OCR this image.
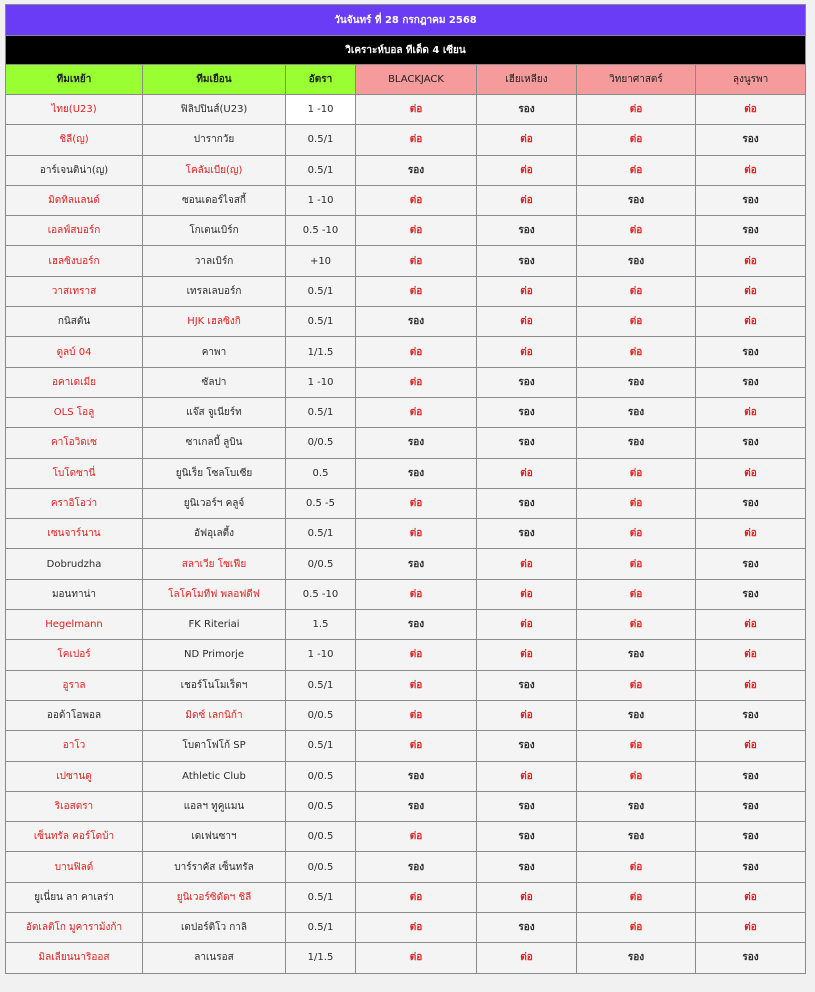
วันจันทร์ ที่ 28 กรกฎาคม 2568						
วิเคราะห์บอล ทีเด็ด 4 เซียน						
ทีมเหย้า	ทีมเยือน	อัตรา	BLACKJACK	เฮียเหลียง	วิทยาศาสตร์	ลุงนูรพา
ไทย(U23)	ฟิลิปปินส์(U23)	1 -10	ต่อ	รอง	ต่อ	ต่อ
ชิลี(ญ)	ปารากวัย	0.5/1	ต่อ	ต่อ	ต่อ	รอง
อาร์เจนติน่า(ญ)	โคลัมเบีย(ญ)	0.5/1	รอง	ต่อ	ต่อ	ต่อ
มิดทิลแลนด์	ซอนเดอร์ไจสกี้	1 -10	ต่อ	ต่อ	รอง	รอง
เอลฟ์สบอร์ก	โกเตนเบิร์ก	0.5 -10	ต่อ	รอง	ต่อ	รอง
เฮลซิงบอร์ก	วาลเบิร์ก	+10	ต่อ	รอง	รอง	ต่อ
วาสเทราส	เทรลเลบอร์ก	0.5/1	ต่อ	ต่อ	ต่อ	ต่อ
กนิสตัน	HJK เฮลซิงกิ	0.5/1	รอง	ต่อ	ต่อ	ต่อ
ดูลบ์ 04	คาพา	1/1.5	ต่อ	ต่อ	ต่อ	รอง
อคาเดเมีย	ซัลปา	1 -10	ต่อ	รอง	รอง	รอง
OLS โอลู	แจ๊ส จูเนียร์ท	0.5/1	ต่อ	รอง	รอง	ต่อ
คาโอวิดเซ	ซาเกลบี้ ลูบิน	0/0.5	รอง	รอง	รอง	รอง
โบโดซานี่	ยูนิเร็ย โซลโบเซีย	0.5	รอง	ต่อ	ต่อ	ต่อ
คราอิโอว่า	ยูนิเวอร์ฯ คลูจ์	0.5 -5	ต่อ	รอง	ต่อ	รอง
เซนจาร์นาน	อัฟอุเลตี้ง	0.5/1	ต่อ	รอง	ต่อ	ต่อ
Dobrudzha	สลาเวีย โซเฟีย	0/0.5	รอง	ต่อ	ต่อ	รอง
มอนทาน่า	โลโคโมทีฟ พลอฟดีฟ	0.5 -10	ต่อ	ต่อ	ต่อ	รอง
Hegelmann	FK Riteriai	1.5	รอง	ต่อ	ต่อ	ต่อ
โคเปอร์	ND Primorje	1 -10	ต่อ	ต่อ	รอง	ต่อ
อูราล	เชอร์โนโมเร็ตฯ	0.5/1	ต่อ	รอง	ต่อ	ต่อ
ออด้าโอพอล	มิดซ์ เลกนิก้า	0/0.5	ต่อ	ต่อ	รอง	รอง
อาโว	โบตาโฟโก้ SP	0.5/1	ต่อ	รอง	ต่อ	ต่อ
เปซานดู	Athletic Club	0/0.5	รอง	ต่อ	ต่อ	รอง
ริเอสตรา	แอลฯ ทูคูแมน	0/0.5	รอง	รอง	รอง	รอง
เซ็นทรัล คอร์โดบ้า	เดเฟนซาฯ	0/0.5	ต่อ	รอง	รอง	รอง
บานฟิลด์	บาร์ราคัส เซ็นทรัล	0/0.5	รอง	รอง	ต่อ	รอง
ยูเนี่ยน ลา คาเลร่า	ยูนิเวอร์ซิดัดฯ ชิลี	0.5/1	ต่อ	ต่อ	ต่อ	ต่อ
อัตเลติโก มูคาราม้งก้า	เดปอร์ติโว กาลิ	0.5/1	ต่อ	รอง	ต่อ	ต่อ
มิลเลียนนาริออส	ลาเนรอส	1/1.5	ต่อ	ต่อ	รอง	รอง
